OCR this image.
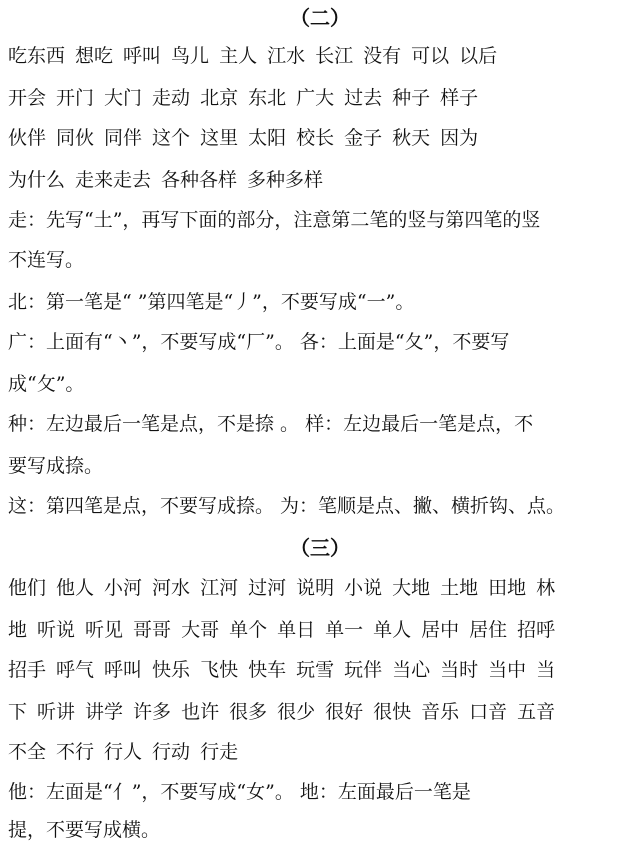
（二）
吃东西 想吃 呼叫 鸟儿 主人 江水 长江 没有 可以 以后
开会 开门 大门 走动 北京 东北 广大 过去 种子 样子
伙伴 同伙 同伴 这个 这里 太阳 校长 金子 秋天 因为
为什么 走来走去 各种各样 多种多样
走：先写“土”，再写下面的部分，注意第二笔的竖与第四笔的竖
不连写。
北：第一笔是“ ”第四笔是“丿”，不要写成“一”。
广：上面有“丶”，不要写成“厂”。 各：上面是“夂”，不要写
成“攵”。
种：左边最后一笔是点，不是捺 。 样：左边最后一笔是点，不
要写成捺。
这：第四笔是点，不要写成捺。 为：笔顺是点、撇、横折钩、点。
（三）
他们 他人 小河 河水 江河 过河 说明 小说 大地 土地 田地 林
地 听说 听见 哥哥 大哥 单个 单日 单一 单人 居中 居住 招呼
招手 呼气 呼叫 快乐 飞快 快车 玩雪 玩伴 当心 当时 当中 当
下 听讲 讲学 许多 也许 很多 很少 很好 很快 音乐 口音 五音
不全 不行 行人 行动 行走
他：左面是“亻”，不要写成“女”。 地：左面最后一笔是
提，不要写成横。
